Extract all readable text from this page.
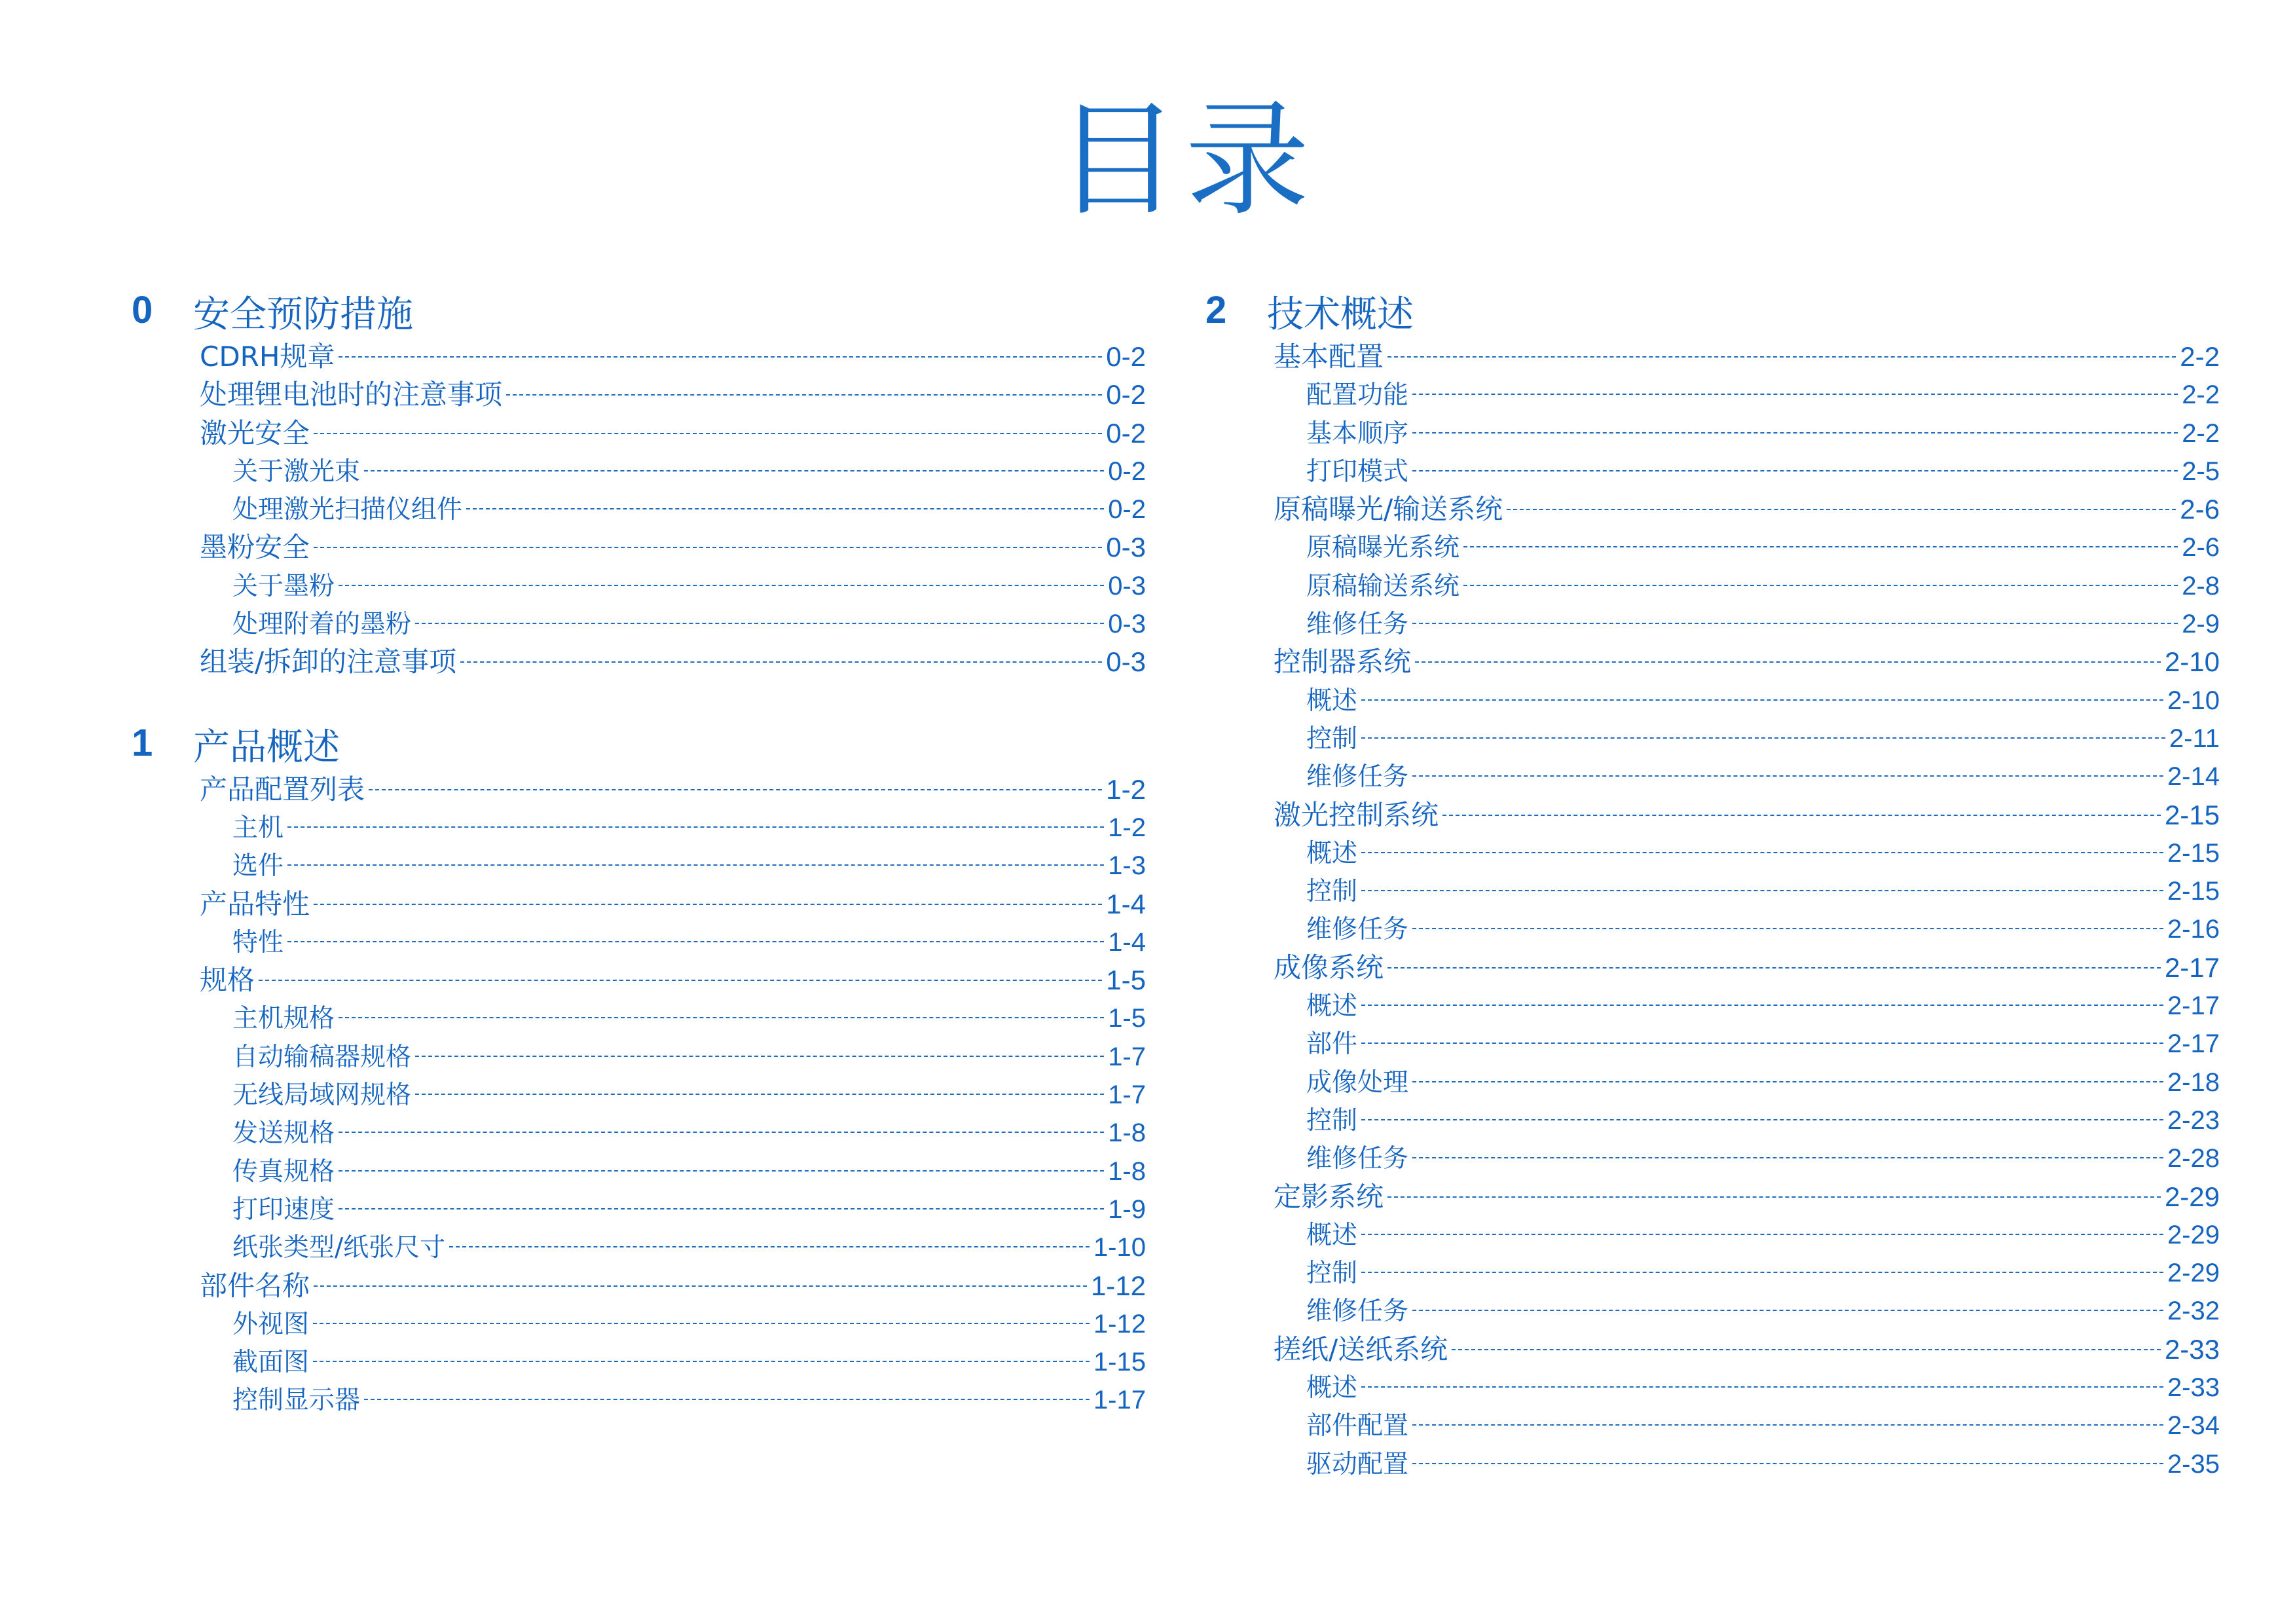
目录
0 安全预防措施
CDRH规章	0-2
处理锂电池时的注意事项	0-2
激光安全	0-2
关于激光束	0-2
处理激光扫描仪组件	0-2
墨粉安全	0-3
关于墨粉	0-3
处理附着的墨粉	0-3
组装/拆卸的注意事项	0-3
1 产品概述
产品配置列表	1-2
主机	1-2
选件	1-3
产品特性	1-4
特性	1-4
规格	1-5
主机规格	1-5
自动输稿器规格	1-7
无线局域网规格	1-7
发送规格	1-8
传真规格	1-8
打印速度	1-9
纸张类型/纸张尺寸	1-10
部件名称	1-12
外视图	1-12
截面图	1-15
控制显示器	1-17
2 技术概述
基本配置	2-2
配置功能	2-2
基本顺序	2-2
打印模式	2-5
原稿曝光/输送系统	2-6
原稿曝光系统	2-6
原稿输送系统	2-8
维修任务	2-9
控制器系统	2-10
概述	2-10
控制	2-11
维修任务	2-14
激光控制系统	2-15
概述	2-15
控制	2-15
维修任务	2-16
成像系统	2-17
概述	2-17
部件	2-17
成像处理	2-18
控制	2-23
维修任务	2-28
定影系统	2-29
概述	2-29
控制	2-29
维修任务	2-32
搓纸/送纸系统	2-33
概述	2-33
部件配置	2-34
驱动配置	2-35
